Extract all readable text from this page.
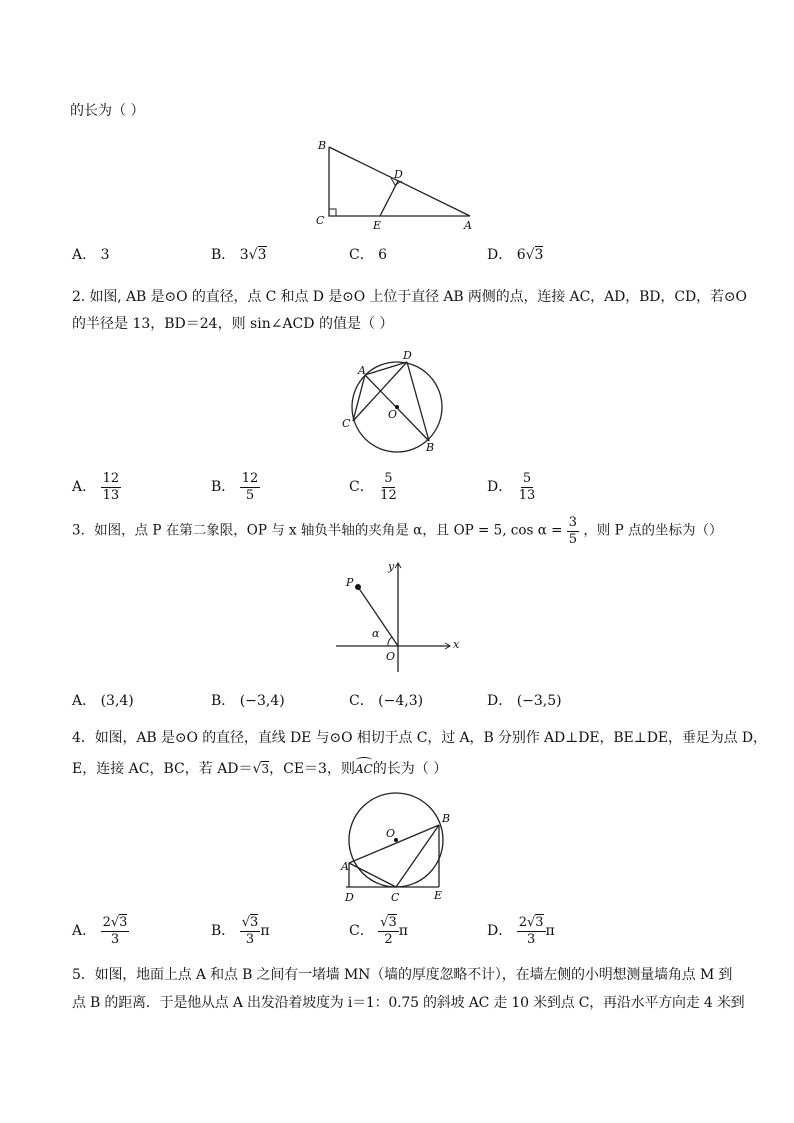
的长为（ ）
B
D
C	E	A
A． 3	B． 3√3	C． 6	D． 6√3
2. 如图, AB 是⊙O 的直径，点 C 和点 D 是⊙O 上位于直径 AB 两侧的点，连接 AC，AD，BD，CD，若⊙O
的半径是 13，BD＝24，则 sin∠ACD 的值是（ ）
A
D
O
C
B
A． $\frac{12}{13}$	B． $\frac{12}{5}$	C． $\frac{5}{12}$	D． $\frac{5}{13}$
3．如图，点 P 在第二象限，OP 与 x 轴负半轴的夹角是 α，且 OP = 5, $\cos \alpha = \frac{3}{5}$ ，则 P 点的坐标为（）
y
P
α
x
O
A． (3,4)	B． (−3,4)	C． (−4,3)	D． (−3,5)
4．如图，AB 是⊙O 的直径，直线 DE 与⊙O 相切于点 C，过 A，B 分别作 AD⊥DE，BE⊥DE，垂足为点 D，
E，连接 AC，BC，若 AD＝√3，CE＝3，则AC
的长为（ ）
O
B
A
D	C	E
A． $\frac{2√3}{3}$	B． $\frac{√3}{3}$ π	C． $\frac{√3}{2}$ π	D． $\frac{2√3}{3}$ π
5．如图，地面上点 A 和点 B 之间有一堵墙 MN（墙的厚度忽略不计），在墙左侧的小明想测量墙角点 M 到
点 B 的距离．于是他从点 A 出发沿着坡度为 i＝1：0.75 的斜坡 AC 走 10 米到点 C，再沿水平方向走 4 米到
